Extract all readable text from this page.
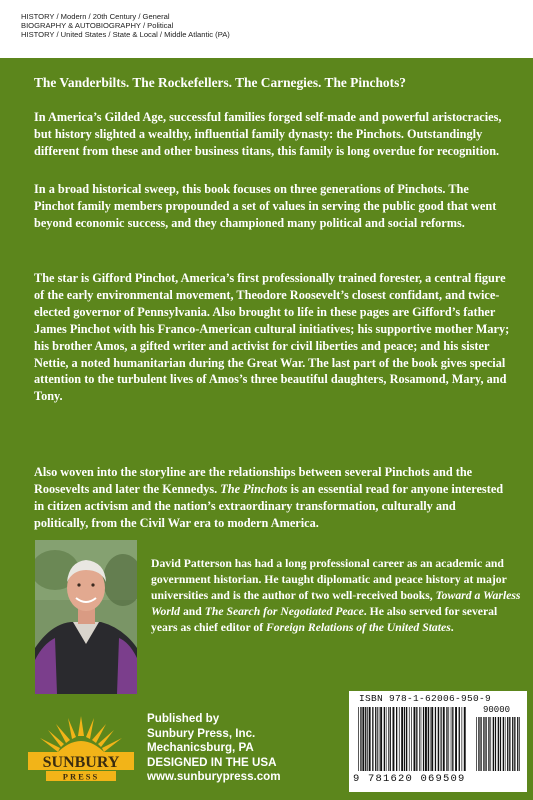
HISTORY / Modern / 20th Century / General
BIOGRAPHY & AUTOBIOGRAPHY / Political
HISTORY / United States / State & Local / Middle Atlantic (PA)
The Vanderbilts. The Rockefellers. The Carnegies. The Pinchots?
In America’s Gilded Age, successful families forged self-made and powerful aristocracies, but history slighted a wealthy, influential family dynasty: the Pinchots. Outstandingly different from these and other business titans, this family is long overdue for recognition.
In a broad historical sweep, this book focuses on three generations of Pinchots. The Pinchot family members propounded a set of values in serving the public good that went beyond economic success, and they championed many political and social reforms.
The star is Gifford Pinchot, America’s first professionally trained forester, a central figure of the early environmental movement, Theodore Roosevelt’s closest confidant, and twice-elected governor of Pennsylvania. Also brought to life in these pages are Gifford’s father James Pinchot with his Franco-American cultural initiatives; his supportive mother Mary; his brother Amos, a gifted writer and activist for civil liberties and peace; and his sister Nettie, a noted humanitarian during the Great War. The last part of the book gives special attention to the turbulent lives of Amos’s three beautiful daughters, Rosamond, Mary, and Tony.
Also woven into the storyline are the relationships between several Pinchots and the Roosevelts and later the Kennedys. The Pinchots is an essential read for anyone interested in citizen activism and the nation’s extraordinary transformation, culturally and politically, from the Civil War era to modern America.
David Patterson has had a long professional career as an academic and government historian. He taught diplomatic and peace history at major universities and is the author of two well-received books, Toward a Warless World and The Search for Negotiated Peace. He also served for several years as chief editor of Foreign Relations of the United States.
ISBN 978-1-62006-950-9
90000
9 781620 069509
SUNBURY
PRESS
Published by
Sunbury Press, Inc.
Mechanicsburg, PA
DESIGNED IN THE USA
www.sunburypress.com
